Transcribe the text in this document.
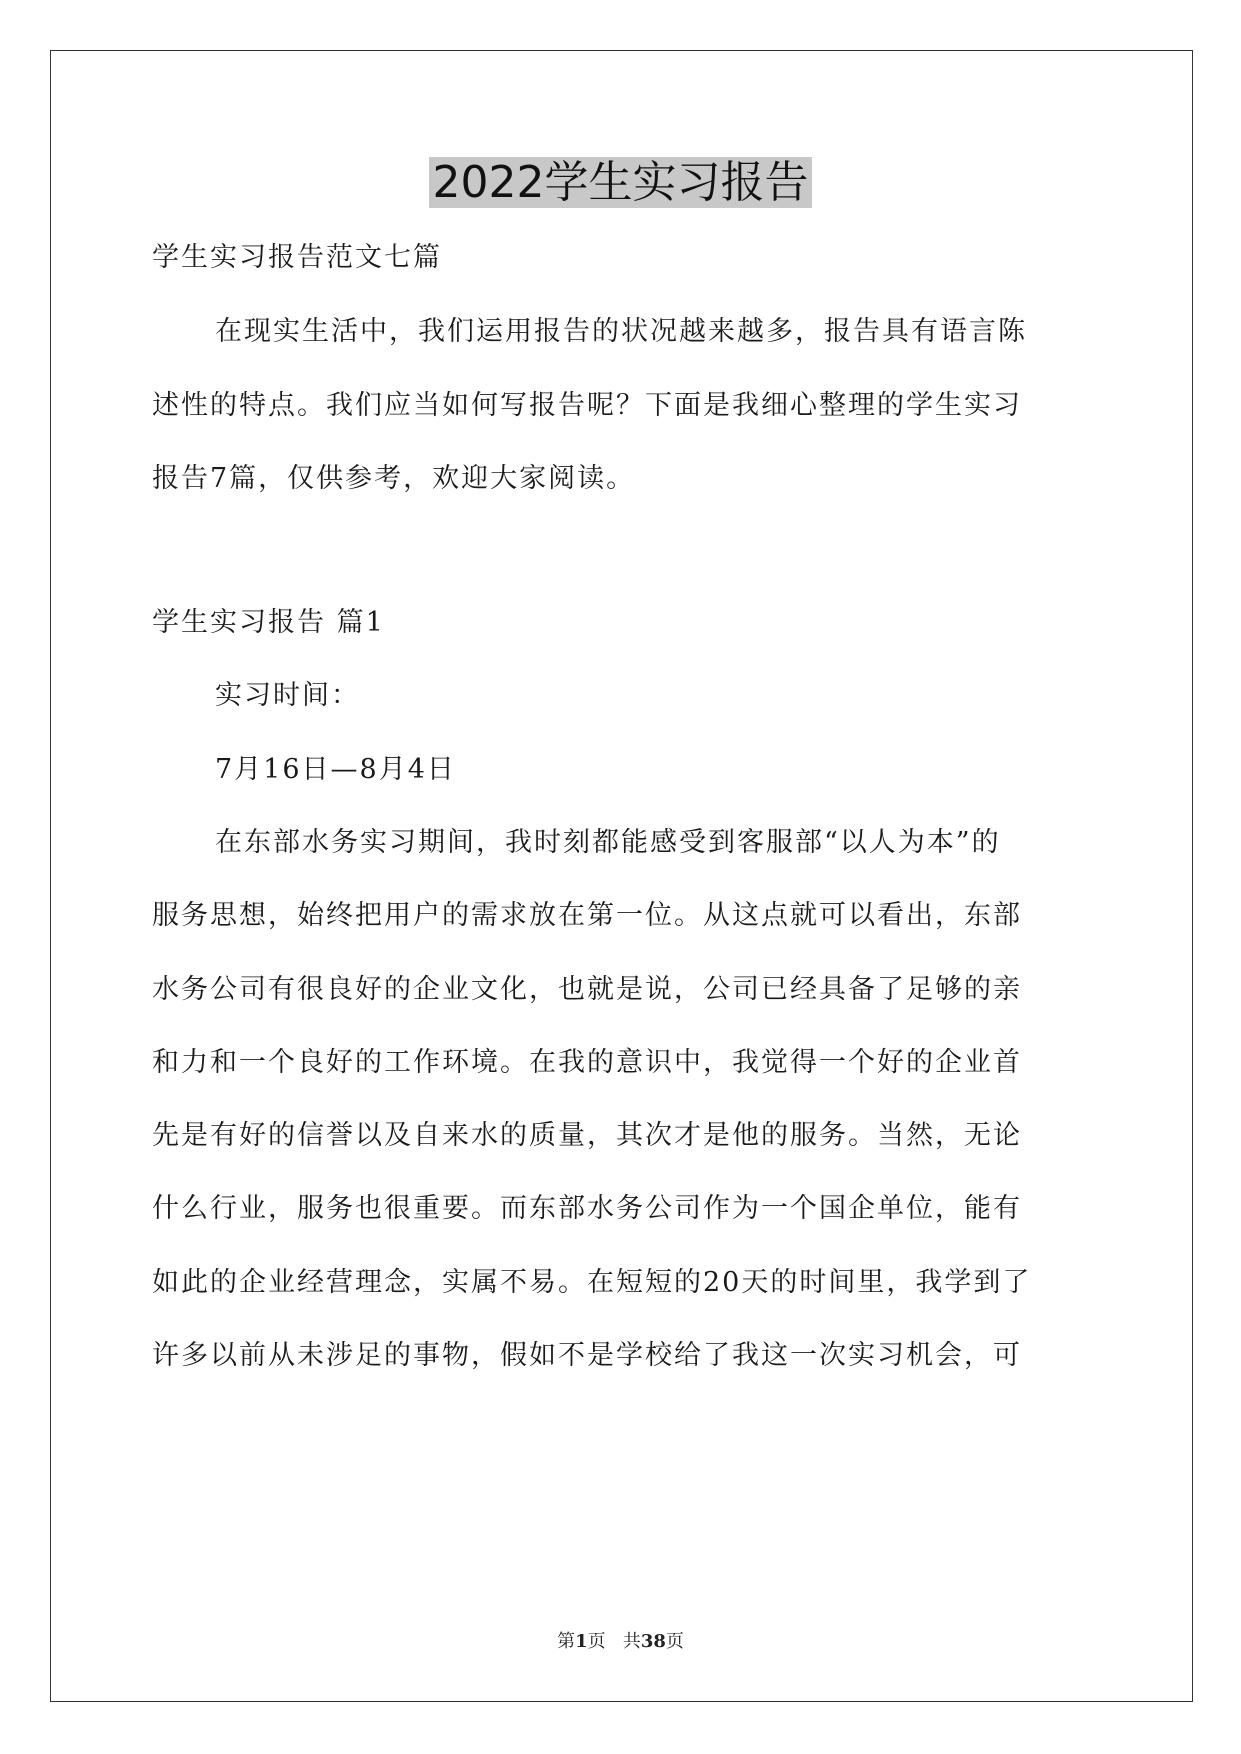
2022学生实习报告
学生实习报告范文七篇
在现实生活中，我们运用报告的状况越来越多，报告具有语言陈
述性的特点。我们应当如何写报告呢？下面是我细心整理的学生实习
报告7篇，仅供参考，欢迎大家阅读。
学生实习报告 篇1
实习时间：
7月16日—8月4日
在东部水务实习期间，我时刻都能感受到客服部“以人为本”的
服务思想，始终把用户的需求放在第一位。从这点就可以看出，东部
水务公司有很良好的企业文化，也就是说，公司已经具备了足够的亲
和力和一个良好的工作环境。在我的意识中，我觉得一个好的企业首
先是有好的信誉以及自来水的质量，其次才是他的服务。当然，无论
什么行业，服务也很重要。而东部水务公司作为一个国企单位，能有
如此的企业经营理念，实属不易。在短短的20天的时间里，我学到了
许多以前从未涉足的事物，假如不是学校给了我这一次实习机会，可
第1页 共38页
